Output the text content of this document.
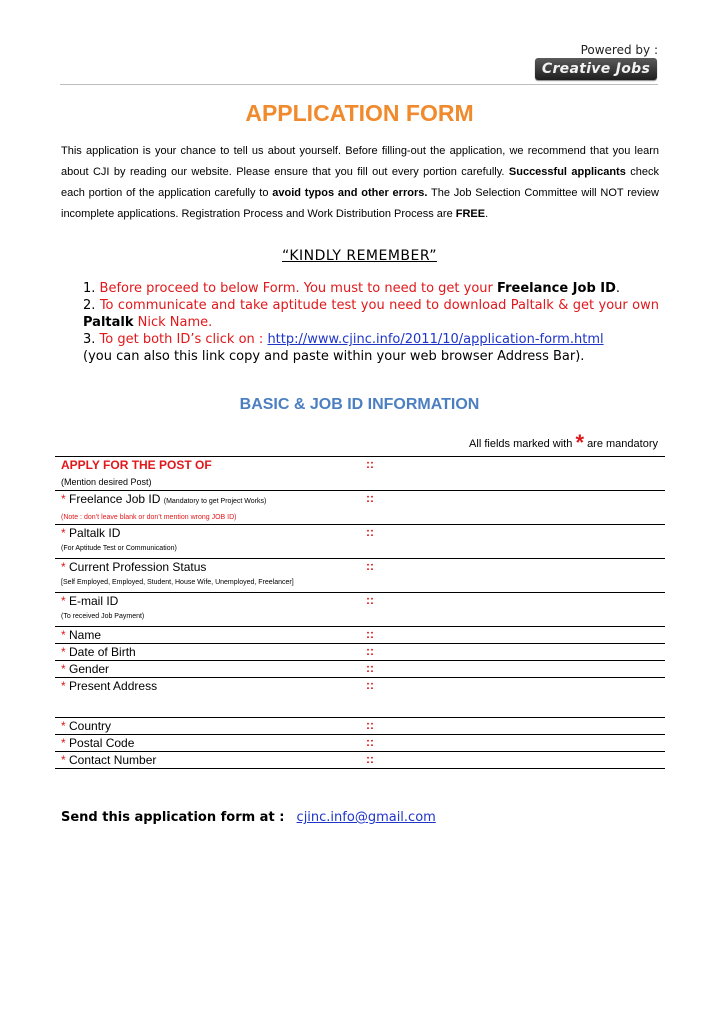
Powered by :
Creative Jobs
APPLICATION FORM
This application is your chance to tell us about yourself. Before filling-out the application, we recommend that you learn about CJI by reading our website. Please ensure that you fill out every portion carefully. Successful applicants check each portion of the application carefully to avoid typos and other errors. The Job Selection Committee will NOT review incomplete applications. Registration Process and Work Distribution Process are FREE.
“KINDLY REMEMBER”

1. Before proceed to below Form. You must to need to get your Freelance Job ID.

2. To communicate and take aptitude test you need to download Paltalk & get your own Paltalk Nick Name.

3. To get both ID’s click on : http://www.cjinc.info/2011/10/application-form.html
(you can also this link copy and paste within your web browser Address Bar).

BASIC & JOB ID INFORMATION
All fields marked with * are mandatory
APPLY FOR THE POST OF
(Mention desired Post)	::

* Freelance Job ID (Mandatory to get Project Works)
(Note : don’t leave blank or don’t mention wrong JOB ID)	::

* Paltalk ID
(For Aptitude Test or Communication)	::

* Current Profession Status
[Self Employed, Employed, Student, House Wife, Unemployed, Freelancer]	::

* E-mail ID
(To received Job Payment)	::

* Name	::

* Date of Birth	::

* Gender	::

* Present Address	::

* Country	::

* Postal Code	::

* Contact Number	::
Send this application form at : cjinc.info@gmail.com
